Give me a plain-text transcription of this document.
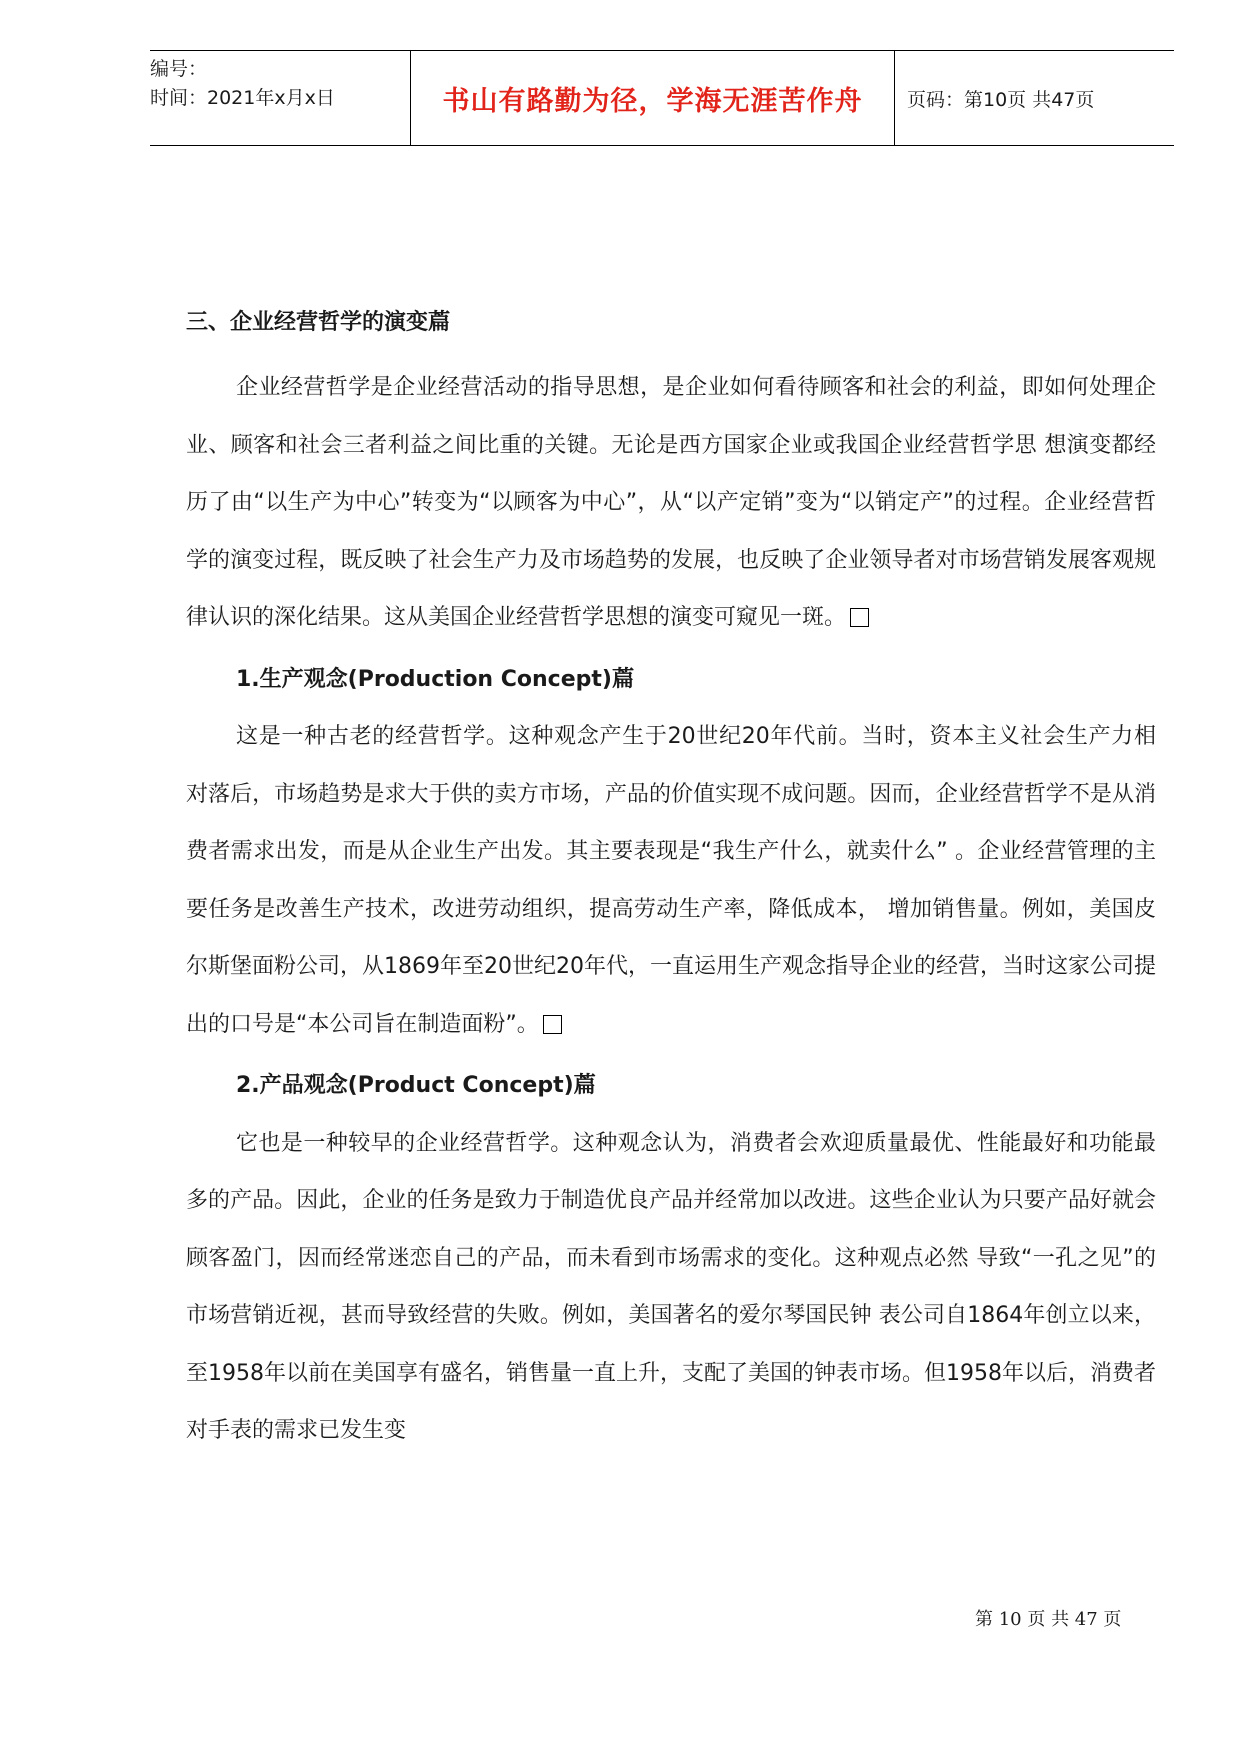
编号：
时间：2021年x月x日	书山有路勤为径，学海无涯苦作舟 页码：第10页 共47页
三、企业经营哲学的演变萹

企业经营哲学是企业经营活动的指导思想，是企业如何看待顾客和社会的利益，即如何处理企业、顾客和社会三者利益之间比重的关键。无论是西方国家企业或我国企业经营哲学思 想演变都经历了由“以生产为中心”转变为“以顾客为中心”，从“以产定销”变为“以销定产”的过程。企业经营哲学的演变过程，既反映了社会生产力及市场趋势的发展，也反映了企业领导者对市场营销发展客观规律认识的深化结果。这从美国企业经营哲学思想的演变可窥见一斑。

1.生产观念(Production Concept)萹

这是一种古老的经营哲学。这种观念产生于20世纪20年代前。当时，资本主义社会生产力相 对落后，市场趋势是求大于供的卖方市场，产品的价值实现不成问题。因而，企业经营哲学不是从消费者需求出发，而是从企业生产出发。其主要表现是“我生产什么，就卖什么” 。企业经营管理的主要任务是改善生产技术，改进劳动组织，提高劳动生产率，降低成本， 增加销售量。例如，美国皮尔斯堡面粉公司，从1869年至20世纪20年代，一直运用生产观念指导企业的经营，当时这家公司提出的口号是“本公司旨在制造面粉”。

2.产品观念(Product Concept)萹

它也是一种较早的企业经营哲学。这种观念认为，消费者会欢迎质量最优、性能最好和功能最多的产品。因此，企业的任务是致力于制造优良产品并经常加以改进。这些企业认为只要产品好就会顾客盈门，因而经常迷恋自己的产品，而未看到市场需求的变化。这种观点必然 导致“一孔之见”的市场营销近视，甚而导致经营的失败。例如，美国著名的爱尔琴国民钟 表公司自1864年创立以来，至1958年以前在美国享有盛名，销售量一直上升，支配了美国的钟表市场。但1958年以后，消费者对手表的需求已发生变

第 10 页 共 47 页
